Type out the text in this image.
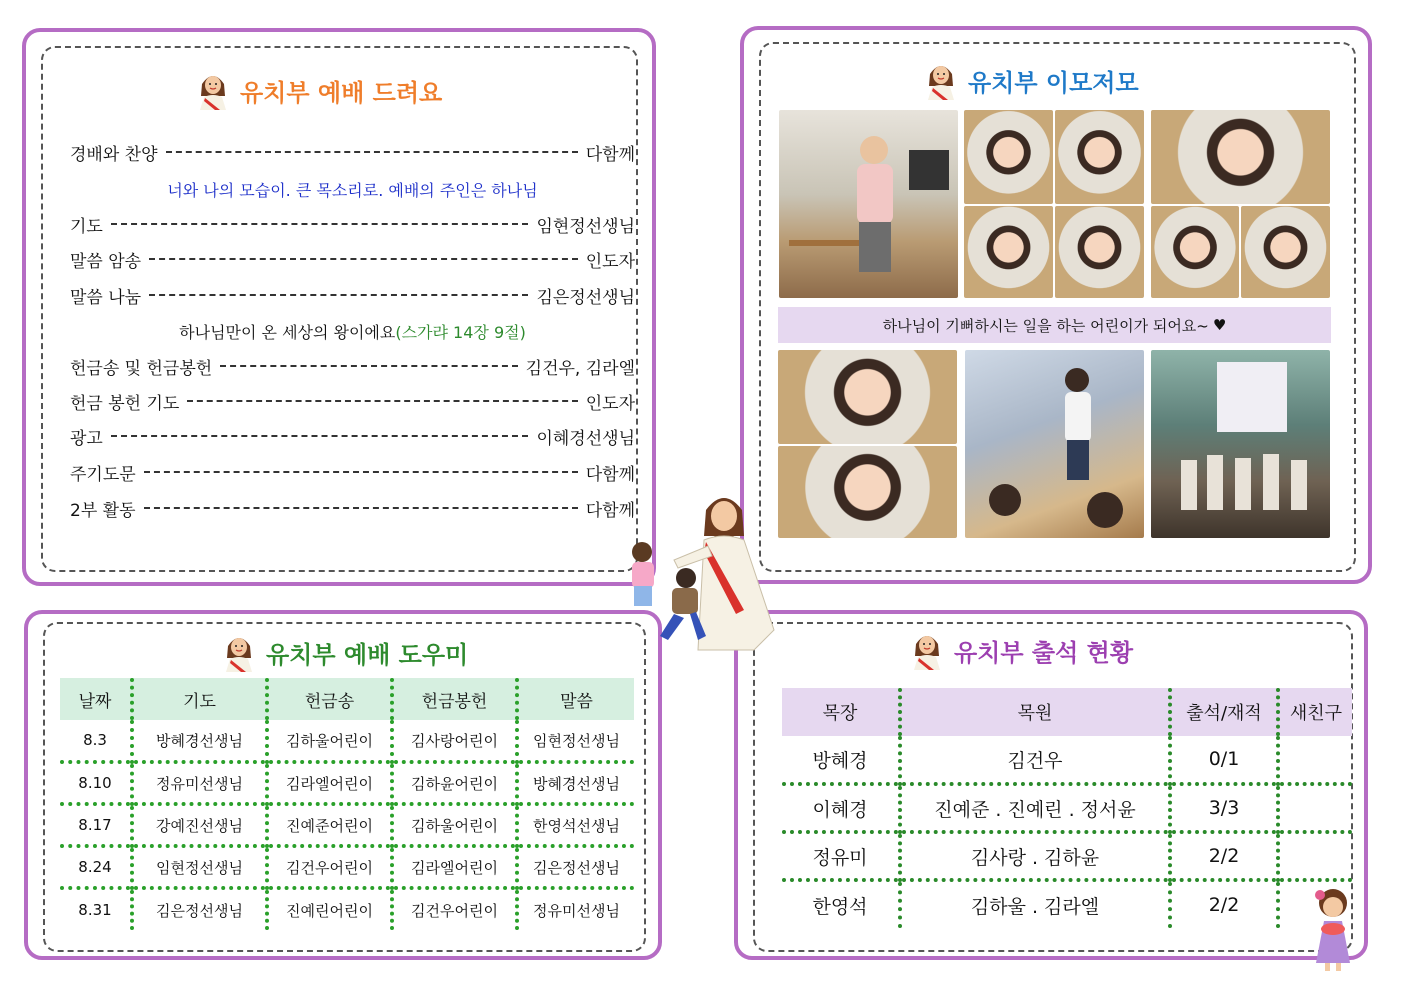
유치부 예배 드려요
경배와 찬양	다함께
너와 나의 모습이. 큰 목소리로. 예배의 주인은 하나님
기도	임현정선생님
말씀 암송	인도자
말씀 나눔	김은정선생님
하나님만이 온 세상의 왕이에요(스가랴 14장 9절)
헌금송 및 헌금봉헌	김건우, 김라엘
헌금 봉헌 기도	인도자
광고	이혜경선생님
주기도문	다함께
2부 활동	다함께
유치부 이모저모
하나님이 기뻐하시는 일을 하는 어린이가 되어요~ ♥
유치부 예배 도우미
날짜	기도	헌금송	헌금봉헌	말씀
8.3	방혜경선생님	김하울어린이	김사랑어린이	임현정선생님
8.10	정유미선생님	김라엘어린이	김하윤어린이	방혜경선생님
8.17	강예진선생님	진예준어린이	김하울어린이	한영석선생님
8.24	임현정선생님	김건우어린이	김라엘어린이	김은정선생님
8.31	김은정선생님	진예린어린이	김건우어린이	정유미선생님
유치부 출석 현황
목장	목원	출석/재적	새친구
방혜경	김건우	0/1	
이혜경	진예준 . 진예린 . 정서윤	3/3	
정유미	김사랑 . 김하윤	2/2	
한영석	김하울 . 김라엘	2/2	
